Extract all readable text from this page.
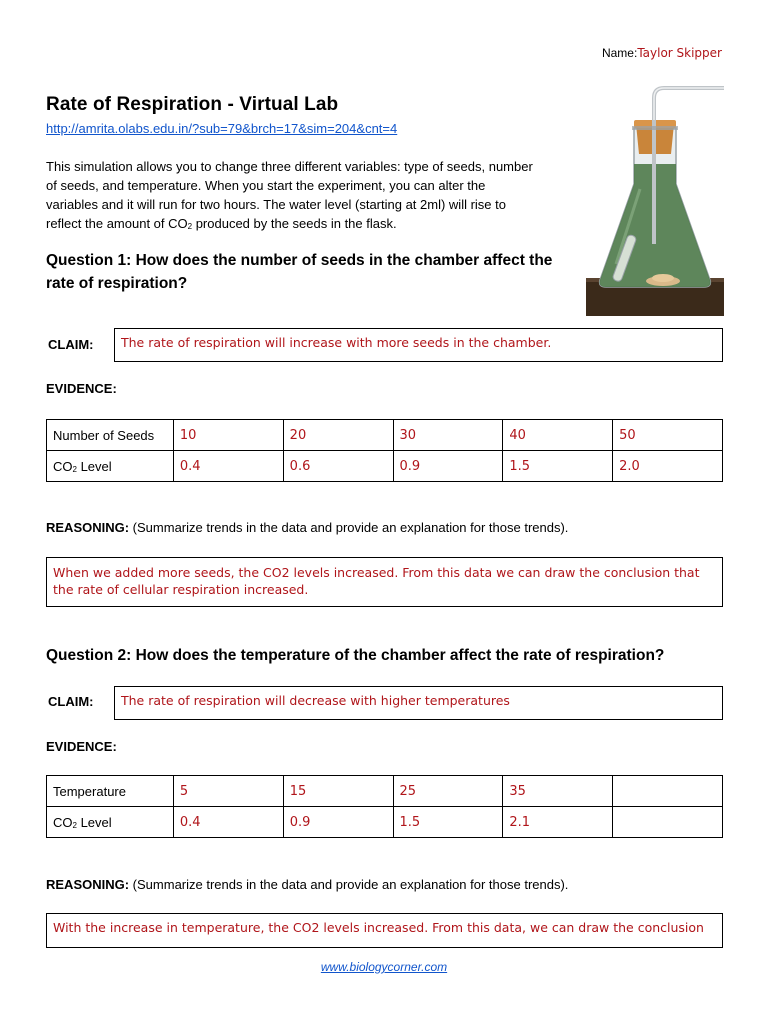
Name:Taylor Skipper
Rate of Respiration - Virtual Lab
http://amrita.olabs.edu.in/?sub=79&brch=17&sim=204&cnt=4
This simulation allows you to change three different variables: type of seeds, number
of seeds, and temperature. When you start the experiment, you can alter the
variables and it will run for two hours. The water level (starting at 2ml) will rise to
reflect the amount of $CO_2$ produced by the seeds in the flask.
Question 1: How does the number of seeds in the chamber affect the rate of respiration?
CLAIM:	The rate of respiration will increase with more seeds in the chamber.
EVIDENCE:
Number of Seeds	10	20	30	40	50
$CO_2$ Level	0.4	0.6	0.9	1.5	2.0
REASONING: (Summarize trends in the data and provide an explanation for those trends).
When we added more seeds, the CO2 levels increased. From this data we can draw the conclusion that the rate of cellular respiration increased.
Question 2: How does the temperature of the chamber affect the rate of respiration?
CLAIM:	The rate of respiration will decrease with higher temperatures
EVIDENCE:
Temperature	5	15	25	35	
$CO_2$ Level	0.4	0.9	1.5	2.1	
REASONING: (Summarize trends in the data and provide an explanation for those trends).
With the increase in temperature, the CO2 levels increased. From this data, we can draw the conclusion
www.biologycorner.com
